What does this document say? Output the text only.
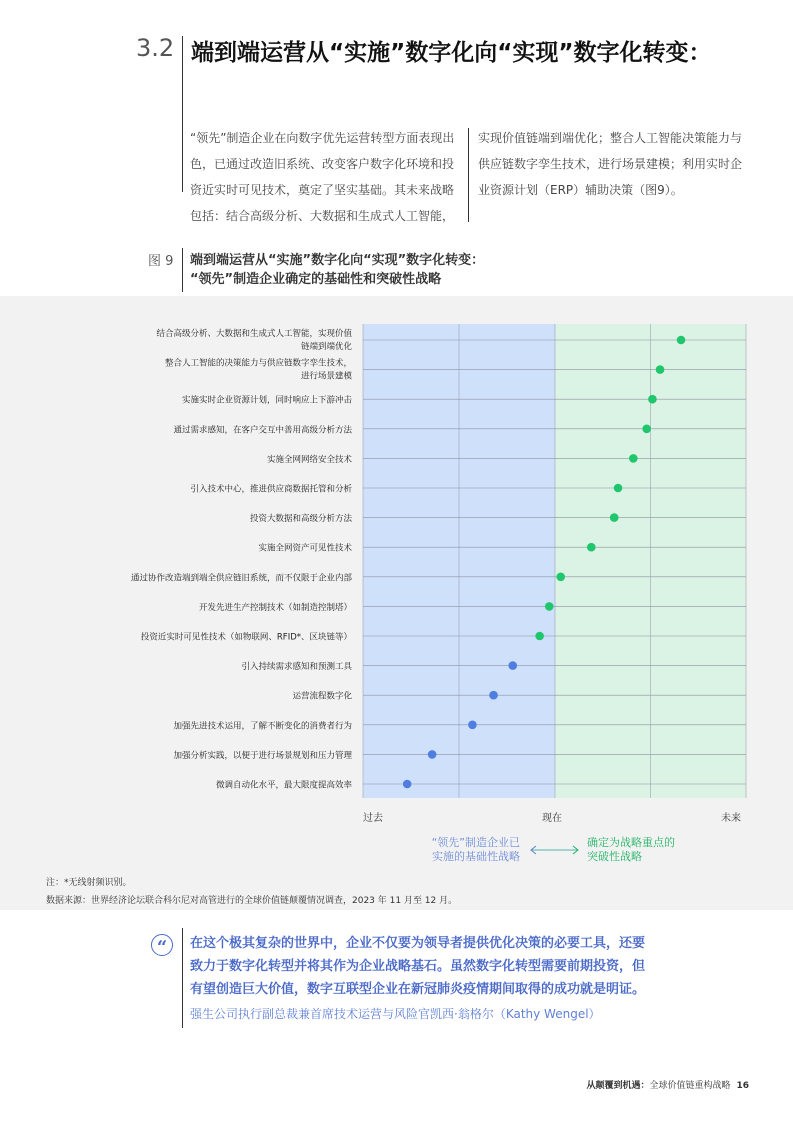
3.2 端到端运营从“实施”数字化向“实现”数字化转变：
“领先”制造企业在向数字优先运营转型方面表现出色，已通过改造旧系统、改变客户数字化环境和投资近实时可见技术，奠定了坚实基础。其未来战略包括：结合高级分析、大数据和生成式人工智能，
实现价值链端到端优化；整合人工智能决策能力与供应链数字孪生技术，进行场景建模；利用实时企业资源计划（ERP）辅助决策（图9）。
图 9 端到端运营从“实施”数字化向“实现”数字化转变：
“领先”制造企业确定的基础性和突破性战略
结合高级分析、大数据和生成式人工智能，实现价值
链端到端优化
整合人工智能的决策能力与供应链数字孪生技术，
进行场景建模
实施实时企业资源计划，同时响应上下游冲击
通过需求感知，在客户交互中善用高级分析方法
实施全网网络安全技术
引入技术中心，推进供应商数据托管和分析
投资大数据和高级分析方法
实施全网资产可见性技术
通过协作改造端到端全供应链旧系统，而不仅限于企业内部
开发先进生产控制技术（如制造控制塔）
投资近实时可见性技术（如物联网、RFID*、区块链等）
引入持续需求感知和预测工具
运营流程数字化
加强先进技术运用，了解不断变化的消费者行为
加强分析实践，以便于进行场景规划和压力管理
微调自动化水平，最大限度提高效率
过去	现在	未来
“领先”制造企业已
实施的基础性战略
确定为战略重点的
突破性战略
注：*无线射频识别。
数据来源：世界经济论坛联合科尔尼对高管进行的全球价值链颠覆情况调查，2023 年 11 月至 12 月。
“	在这个极其复杂的世界中，企业不仅要为领导者提供优化决策的必要工具，还要
致力于数字化转型并将其作为企业战略基石。虽然数字化转型需要前期投资，但
有望创造巨大价值，数字互联型企业在新冠肺炎疫情期间取得的成功就是明证。
强生公司执行副总裁兼首席技术运营与风险官凯西·翁格尔（Kathy Wengel）
从颠覆到机遇：全球价值链重构战略 16
